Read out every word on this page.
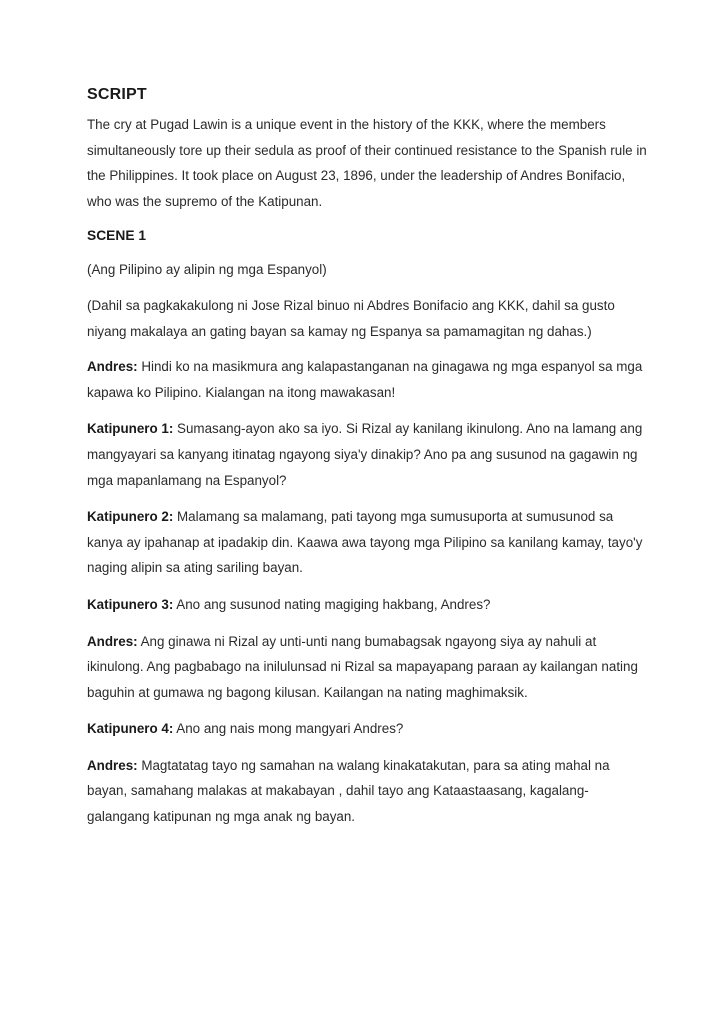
SCRIPT

The cry at Pugad Lawin is a unique event in the history of the KKK, where the members simultaneously tore up their sedula as proof of their continued resistance to the Spanish rule in the Philippines. It took place on August 23, 1896, under the leadership of Andres Bonifacio, who was the supremo of the Katipunan.

SCENE 1

(Ang Pilipino ay alipin ng mga Espanyol)

(Dahil sa pagkakakulong ni Jose Rizal binuo ni Abdres Bonifacio ang KKK, dahil sa gusto niyang makalaya an gating bayan sa kamay ng Espanya sa pamamagitan ng dahas.)

Andres: Hindi ko na masikmura ang kalapastanganan na ginagawa ng mga espanyol sa mga kapawa ko Pilipino. Kialangan na itong mawakasan!

Katipunero 1: Sumasang-ayon ako sa iyo. Si Rizal ay kanilang ikinulong. Ano na lamang ang mangyayari sa kanyang itinatag ngayong siya'y dinakip? Ano pa ang susunod na gagawin ng mga mapanlamang na Espanyol?

Katipunero 2: Malamang sa malamang, pati tayong mga sumusuporta at sumusunod sa kanya ay ipahanap at ipadakip din. Kaawa awa tayong mga Pilipino sa kanilang kamay, tayo'y naging alipin sa ating sariling bayan.

Katipunero 3: Ano ang susunod nating magiging hakbang, Andres?

Andres: Ang ginawa ni Rizal ay unti-unti nang bumabagsak ngayong siya ay nahuli at ikinulong. Ang pagbabago na inilulunsad ni Rizal sa mapayapang paraan ay kailangan nating baguhin at gumawa ng bagong kilusan. Kailangan na nating maghimaksik.

Katipunero 4: Ano ang nais mong mangyari Andres?

Andres: Magtatatag tayo ng samahan na walang kinakatakutan, para sa ating mahal na bayan, samahang malakas at makabayan , dahil tayo ang Kataastaasang, kagalang-galangang katipunan ng mga anak ng bayan.
